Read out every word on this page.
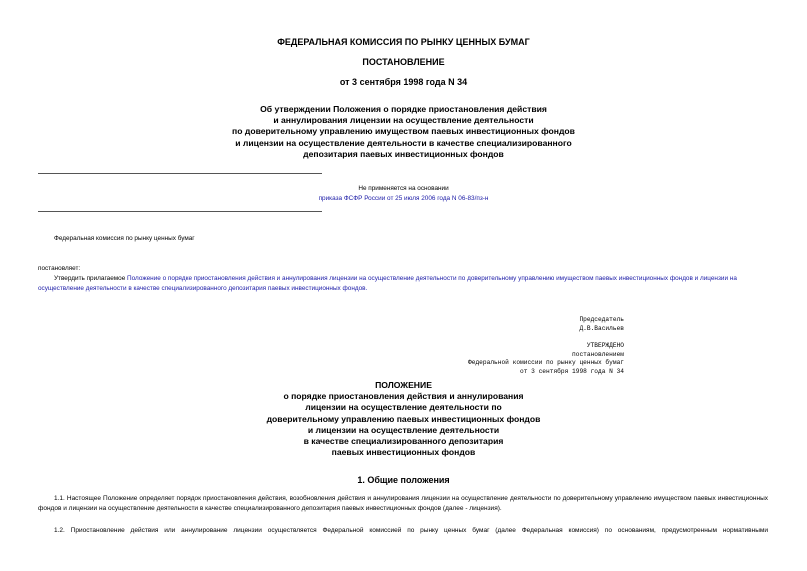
ФЕДЕРАЛЬНАЯ КОМИССИЯ ПО РЫНКУ ЦЕННЫХ БУМАГ
ПОСТАНОВЛЕНИЕ
от 3 сентября 1998 года N 34
Об утверждении Положения о порядке приостановления действия
и аннулирования лицензии на осуществление деятельности
по доверительному управлению имуществом паевых инвестиционных фондов
и лицензии на осуществление деятельности в качестве специализированного
депозитария паевых инвестиционных фондов
Не применяется на основании
приказа ФСФР России от 25 июля 2006 года N 06-83/пз-н
Федеральная комиссия по рынку ценных бумаг
постановляет:
Утвердить прилагаемое Положение о порядке приостановления действия и аннулирования лицензии на осуществление деятельности по доверительному управлению имуществом паевых инвестиционных фондов и лицензии на осуществление деятельности в качестве специализированного депозитария паевых инвестиционных фондов.
Председатель
Д.В.Васильев
УТВЕРЖДЕНО
постановлением
Федеральной комиссии по рынку ценных бумаг
от 3 сентября 1998 года N 34
ПОЛОЖЕНИЕ
о порядке приостановления действия и аннулирования
лицензии на осуществление деятельности по
доверительному управлению паевых инвестиционных фондов
и лицензии на осуществление деятельности
в качестве специализированного депозитария
паевых инвестиционных фондов
1. Общие положения
1.1. Настоящее Положение определяет порядок приостановления действия, возобновления действия и аннулирования лицензии на осуществление деятельности по доверительному управлению имуществом паевых инвестиционных фондов и лицензии на осуществление деятельности в качестве специализированного депозитария паевых инвестиционных фондов (далее - лицензия).
1.2. Приостановление действия или аннулирование лицензии осуществляется Федеральной комиссией по рынку ценных бумаг (далее Федеральная комиссия) по основаниям, предусмотренным нормативными
